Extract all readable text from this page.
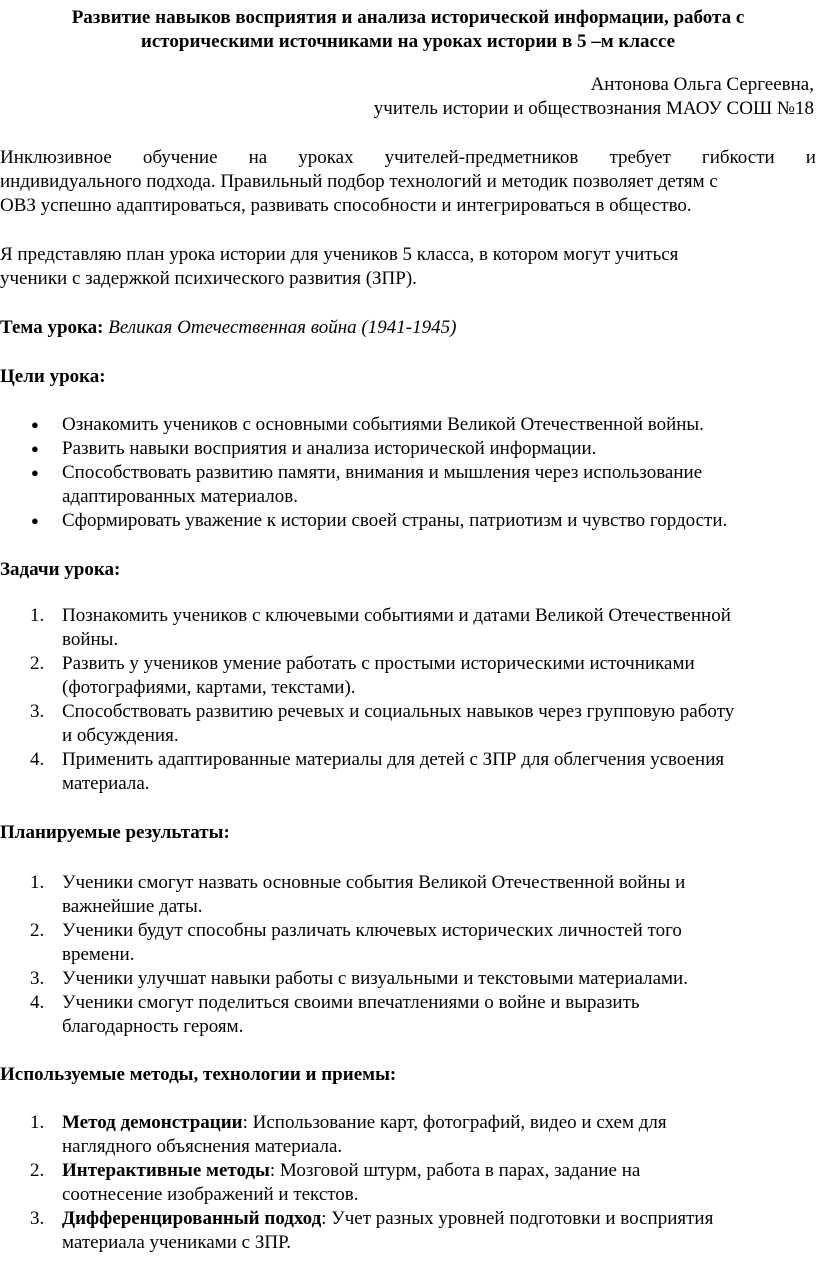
Развитие навыков восприятия и анализа исторической информации, работа с
историческими источниками на уроках истории в 5 –м классе
Антонова Ольга Сергеевна,
учитель истории и обществознания МАОУ СОШ №18
Инклюзивное обучение на уроках учителей-предметников требует гибкости и
индивидуального подхода. Правильный подбор технологий и методик позволяет детям с
ОВЗ успешно адаптироваться, развивать способности и интегрироваться в общество.
Я представляю план урока истории для учеников 5 класса, в котором могут учиться
ученики с задержкой психического развития (ЗПР).
Тема урока: Великая Отечественная война (1941-1945)
Цели урока:
●	Ознакомить учеников с основными событиями Великой Отечественной войны.
●	Развить навыки восприятия и анализа исторической информации.
●	Способствовать развитию памяти, внимания и мышления через использование
адаптированных материалов.
●	Сформировать уважение к истории своей страны, патриотизм и чувство гордости.
Задачи урока:
1. Познакомить учеников с ключевыми событиями и датами Великой Отечественной
войны.
2. Развить у учеников умение работать с простыми историческими источниками
(фотографиями, картами, текстами).
3. Способствовать развитию речевых и социальных навыков через групповую работу
и обсуждения.
4. Применить адаптированные материалы для детей с ЗПР для облегчения усвоения
материала.
Планируемые результаты:
1. Ученики смогут назвать основные события Великой Отечественной войны и
важнейшие даты.
2. Ученики будут способны различать ключевых исторических личностей того
времени.
3. Ученики улучшат навыки работы с визуальными и текстовыми материалами.
4. Ученики смогут поделиться своими впечатлениями о войне и выразить
благодарность героям.
Используемые методы, технологии и приемы:
1. Метод демонстрации: Использование карт, фотографий, видео и схем для
наглядного объяснения материала.
2. Интерактивные методы: Мозговой штурм, работа в парах, задание на
соотнесение изображений и текстов.
3. Дифференцированный подход: Учет разных уровней подготовки и восприятия
материала учениками с ЗПР.
